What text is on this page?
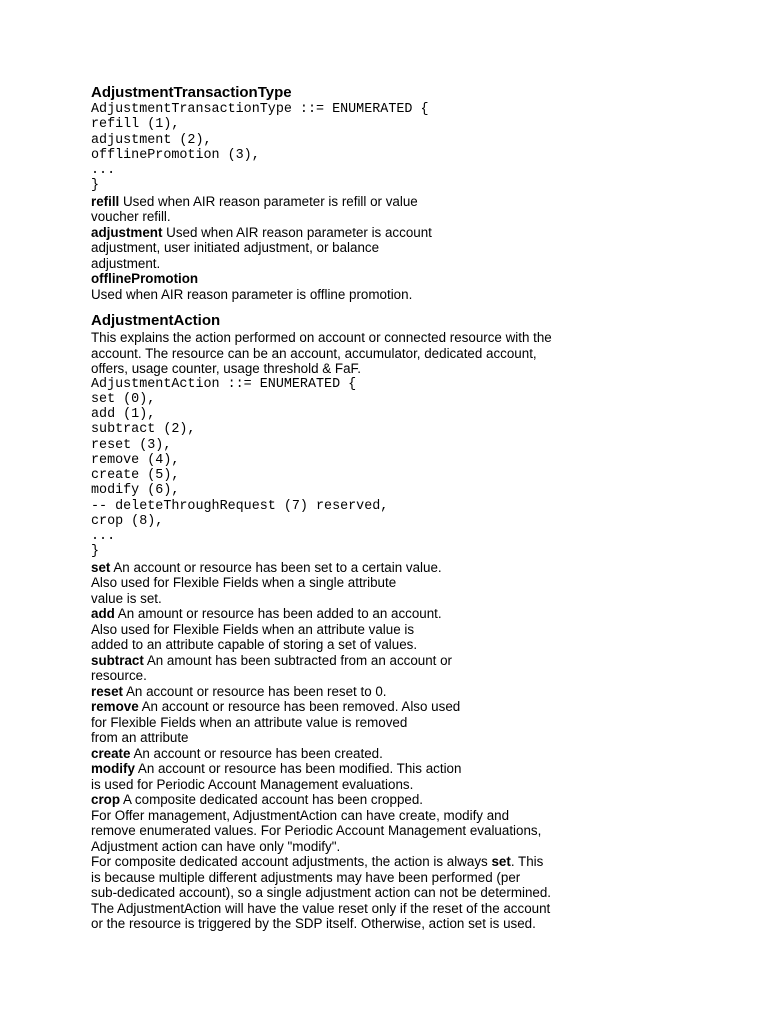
AdjustmentTransactionType
AdjustmentTransactionType ::= ENUMERATED {
refill (1),
adjustment (2),
offlinePromotion (3),
...
}

refill Used when AIR reason parameter is refill or value
voucher refill.

adjustment Used when AIR reason parameter is account
adjustment, user initiated adjustment, or balance
adjustment.

offlinePromotion
Used when AIR reason parameter is offline promotion.

AdjustmentAction

This explains the action performed on account or connected resource with the
account. The resource can be an account, accumulator, dedicated account,
offers, usage counter, usage threshold & FaF.

AdjustmentAction ::= ENUMERATED {
set (0),
add (1),
subtract (2),
reset (3),
remove (4),
create (5),
modify (6),
-- deleteThroughRequest (7) reserved,
crop (8),
...
}

set An account or resource has been set to a certain value.
Also used for Flexible Fields when a single attribute
value is set.

add An amount or resource has been added to an account.
Also used for Flexible Fields when an attribute value is
added to an attribute capable of storing a set of values.

subtract An amount has been subtracted from an account or
resource.

reset An account or resource has been reset to 0.

remove An account or resource has been removed. Also used
for Flexible Fields when an attribute value is removed
from an attribute

create An account or resource has been created.

modify An account or resource has been modified. This action
is used for Periodic Account Management evaluations.

crop A composite dedicated account has been cropped.

For Offer management, AdjustmentAction can have create, modify and
remove enumerated values. For Periodic Account Management evaluations,
Adjustment action can have only "modify".

For composite dedicated account adjustments, the action is always set. This
is because multiple different adjustments may have been performed (per
sub-dedicated account), so a single adjustment action can not be determined.

The AdjustmentAction will have the value reset only if the reset of the account
or the resource is triggered by the SDP itself. Otherwise, action set is used.
